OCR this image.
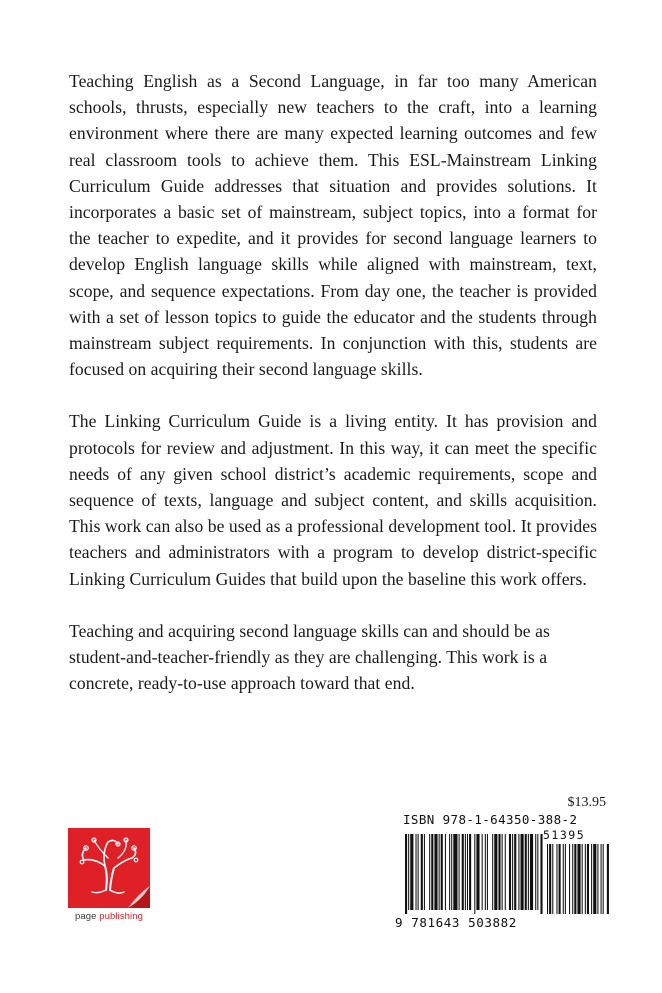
Teaching English as a Second Language, in far too many American schools, thrusts, especially new teachers to the craft, into a learning environment where there are many expected learning outcomes and few real classroom tools to achieve them. This ESL-Mainstream Linking Curriculum Guide addresses that situation and provides solutions. It incorporates a basic set of mainstream, subject topics, into a format for the teacher to expedite, and it provides for second language learners to develop English language skills while aligned with mainstream, text, scope, and sequence expectations. From day one, the teacher is provided with a set of lesson topics to guide the educator and the students through mainstream subject requirements. In conjunction with this, students are focused on acquiring their second language skills.

The Linking Curriculum Guide is a living entity. It has provision and protocols for review and adjustment. In this way, it can meet the specific needs of any given school district’s academic requirements, scope and sequence of texts, language and subject content, and skills acquisition. This work can also be used as a professional development tool. It provides teachers and administrators with a program to develop district-specific Linking Curriculum Guides that build upon the baseline this work offers.

Teaching and acquiring second language skills can and should be as student-and-teacher-friendly as they are challenging. This work is a concrete, ready-to-use approach toward that end.

page publishing
$13.95
ISBN 978-1-64350-388-2
51395
9 781643 503882
